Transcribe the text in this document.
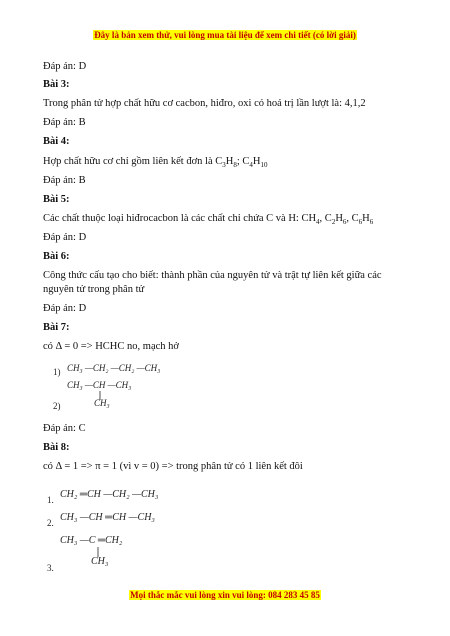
Đây là bản xem thử, vui lòng mua tài liệu để xem chi tiết (có lời giải)
Đáp án: D
Bài 3:
Trong phân tử hợp chất hữu cơ cacbon, hiđro, oxi có hoá trị lần lượt là: 4,1,2
Đáp án: B
Bài 4:
Hợp chất hữu cơ chỉ gồm liên kết đơn là $C_3H_8$; $C_4H_{10}$
Đáp án: B
Bài 5:
Các chất thuộc loại hiđrocacbon là các chất chỉ chứa C và H: $CH_4$, $C_2H_6$, $C_6H_6$
Đáp án: D
Bài 6:
Công thức cấu tạo cho biết: thành phần của nguyên tử và trật tự liên kết giữa các
nguyên tử trong phân tử
Đáp án: D
Bài 7:
có Δ = 0 => HCHC no, mạch hở
1) CH₃ —CH₂ —CH₂ —CH₃
CH₃ —CH —CH₃
CH₃
2)
Đáp án: C
Bài 8:
có Δ = 1 => π = 1 (vì v = 0) => trong phân tử có 1 liên kết đôi
1. CH₂ ═CH —CH₂ —CH₃
2. CH₃ —CH ═CH —CH₃
CH₃ —C ═CH₂
CH₃
3.
Mọi thắc mắc vui lòng xin vui lòng: 084 283 45 85
